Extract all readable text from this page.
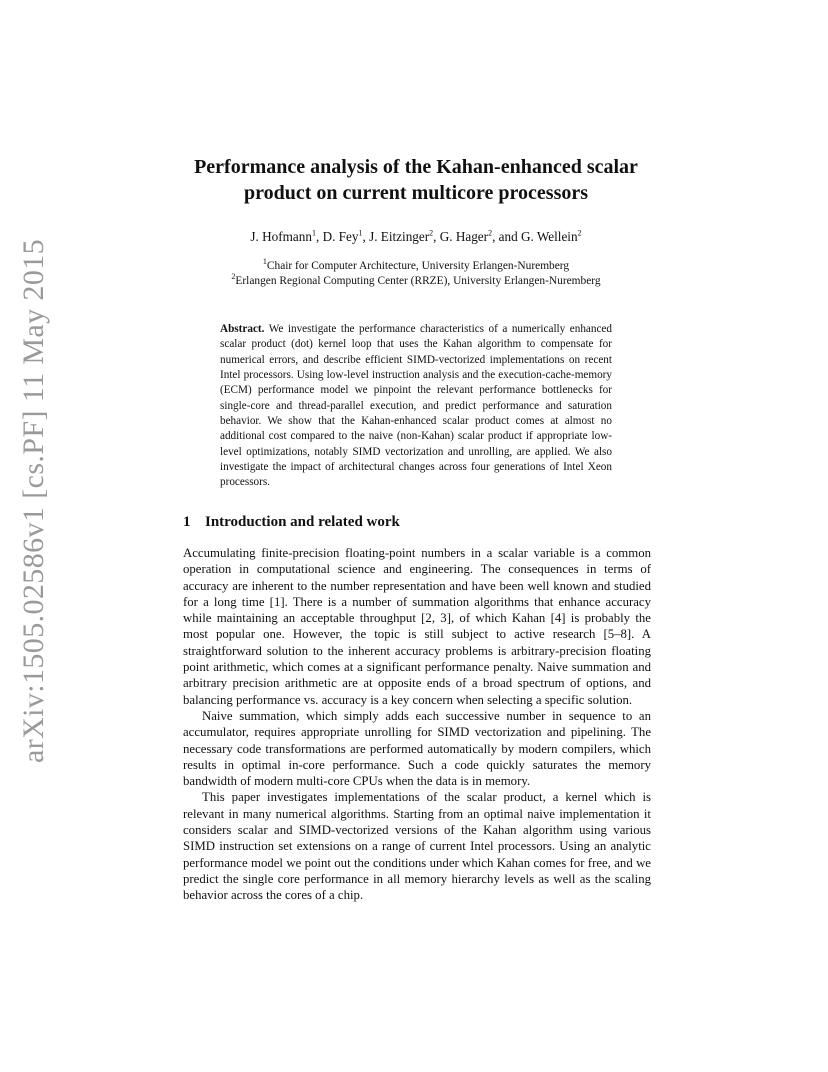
arXiv:1505.02586v1 [cs.PF] 11 May 2015
Performance analysis of the Kahan-enhanced scalar
product on current multicore processors
J. Hofmann$^1$, D. Fey$^1$, J. Eitzinger$^2$, G. Hager$^2$, and G. Wellein$^2$
$^1$Chair for Computer Architecture, University Erlangen-Nuremberg
$^2$Erlangen Regional Computing Center (RRZE), University Erlangen-Nuremberg
Abstract. We investigate the performance characteristics of a numerically enhanced scalar product (dot) kernel loop that uses the Kahan algorithm to compensate for numerical errors, and describe efficient SIMD-vectorized implementations on recent Intel processors. Using low-level instruction analysis and the execution-cache-memory (ECM) performance model we pinpoint the relevant performance bottlenecks for single-core and thread-parallel execution, and predict performance and saturation behavior. We show that the Kahan-enhanced scalar product comes at almost no additional cost compared to the naive (non-Kahan) scalar product if appropriate low-level optimizations, notably SIMD vectorization and unrolling, are applied. We also investigate the impact of architectural changes across four generations of Intel Xeon processors.
1 Introduction and related work

Accumulating finite-precision floating-point numbers in a scalar variable is a common operation in computational science and engineering. The consequences in terms of accuracy are inherent to the number representation and have been well known and studied for a long time [1]. There is a number of summation algorithms that enhance accuracy while maintaining an acceptable throughput [2, 3], of which Kahan [4] is probably the most popular one. However, the topic is still subject to active research [5–8]. A straightforward solution to the inherent accuracy problems is arbitrary-precision floating point arithmetic, which comes at a significant performance penalty. Naive summation and arbitrary precision arithmetic are at opposite ends of a broad spectrum of options, and balancing performance vs. accuracy is a key concern when selecting a specific solution.

Naive summation, which simply adds each successive number in sequence to an accumulator, requires appropriate unrolling for SIMD vectorization and pipelining. The necessary code transformations are performed automatically by modern compilers, which results in optimal in-core performance. Such a code quickly saturates the memory bandwidth of modern multi-core CPUs when the data is in memory.

This paper investigates implementations of the scalar product, a kernel which is relevant in many numerical algorithms. Starting from an optimal naive implementation it considers scalar and SIMD-vectorized versions of the Kahan algorithm using various SIMD instruction set extensions on a range of current Intel processors. Using an analytic performance model we point out the conditions under which Kahan comes for free, and we predict the single core performance in all memory hierarchy levels as well as the scaling behavior across the cores of a chip.
